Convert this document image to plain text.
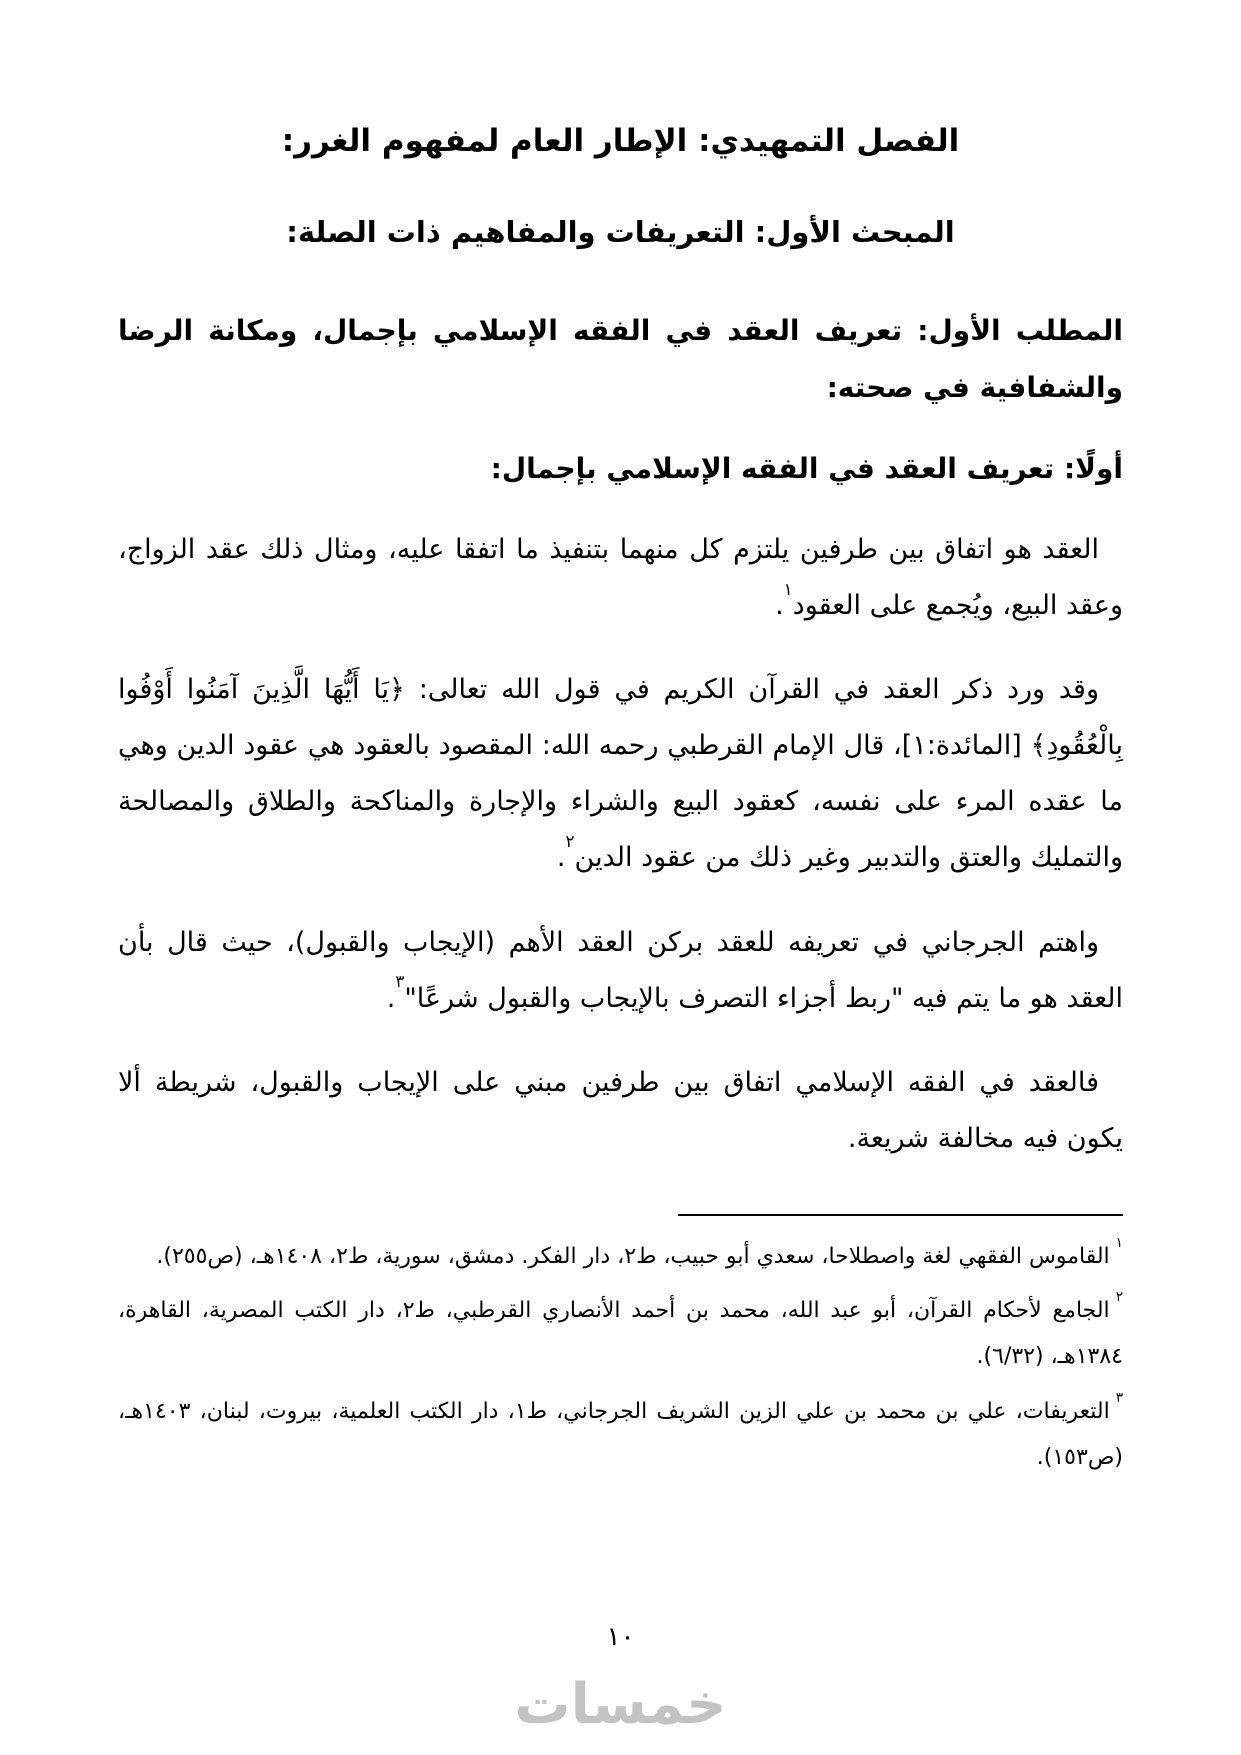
الفصل التمهيدي: الإطار العام لمفهوم الغرر:
المبحث الأول: التعريفات والمفاهيم ذات الصلة:
المطلب الأول: تعريف العقد في الفقه الإسلامي بإجمال، ومكانة الرضا والشفافية في صحته:
أولًا: تعريف العقد في الفقه الإسلامي بإجمال:

العقد هو اتفاق بين طرفين يلتزم كل منهما بتنفيذ ما اتفقا عليه، ومثال ذلك عقد الزواج، وعقد البيع، ويُجمع على العقود$^١$.

وقد ورد ذكر العقد في القرآن الكريم في قول الله تعالى: ﴿يَا أَيُّهَا الَّذِينَ آمَنُوا أَوْفُوا بِالْعُقُودِ﴾ [المائدة:١]، قال الإمام القرطبي رحمه الله: المقصود بالعقود هي عقود الدين وهي ما عقده المرء على نفسه، كعقود البيع والشراء والإجارة والمناكحة والطلاق والمصالحة والتمليك والعتق والتدبير وغير ذلك من عقود الدين$^٢$.

واهتم الجرجاني في تعريفه للعقد بركن العقد الأهم (الإيجاب والقبول)، حيث قال بأن العقد هو ما يتم فيه "ربط أجزاء التصرف بالإيجاب والقبول شرعًا"$^٣$.

فالعقد في الفقه الإسلامي اتفاق بين طرفين مبني على الإيجاب والقبول، شريطة ألا يكون فيه مخالفة شريعة.

$^١$القاموس الفقهي لغة واصطلاحا، سعدي أبو حبيب، ط٢، دار الفكر. دمشق، سورية، ط٢، ١٤٠٨هـ، (ص٢٥٥).

$^٢$الجامع لأحكام القرآن، أبو عبد الله، محمد بن أحمد الأنصاري القرطبي، ط٢، دار الكتب المصرية، القاهرة، ١٣٨٤هـ، (٦/٣٢).

$^٣$التعريفات، علي بن محمد بن علي الزين الشريف الجرجاني، ط١، دار الكتب العلمية، بيروت، لبنان، ١٤٠٣هـ، (ص١٥٣).

١٠
خمسات
